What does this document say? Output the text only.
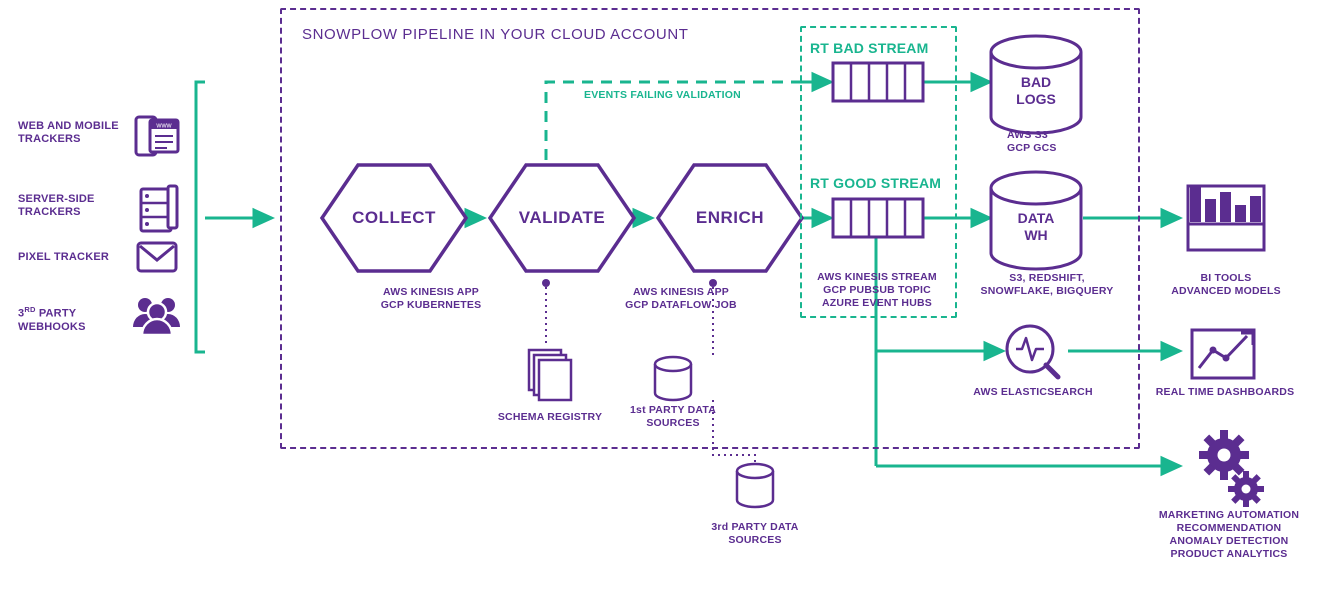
www
SNOWPLOW PIPELINE IN YOUR CLOUD ACCOUNT
WEB AND MOBILE
TRACKERS
SERVER-SIDE
TRACKERS
PIXEL TRACKER
3RD PARTY
WEBHOOKS
COLLECT	VALIDATE	ENRICH
AWS KINESIS APP
GCP KUBERNETES
AWS KINESIS APP
GCP DATAFLOW JOB
RT BAD STREAM
RT GOOD STREAM
EVENTS FAILING VALIDATION
AWS KINESIS STREAM
GCP PUBSUB TOPIC
AZURE EVENT HUBS
BAD
LOGS
AWS S3
GCP GCS
DATA
WH
S3, REDSHIFT,
SNOWFLAKE, BIGQUERY
SCHEMA REGISTRY
1st PARTY DATA
SOURCES
3rd PARTY DATA
SOURCES
AWS ELASTICSEARCH
BI TOOLS
ADVANCED MODELS
REAL TIME DASHBOARDS
MARKETING AUTOMATION
RECOMMENDATION
ANOMALY DETECTION
PRODUCT ANALYTICS
